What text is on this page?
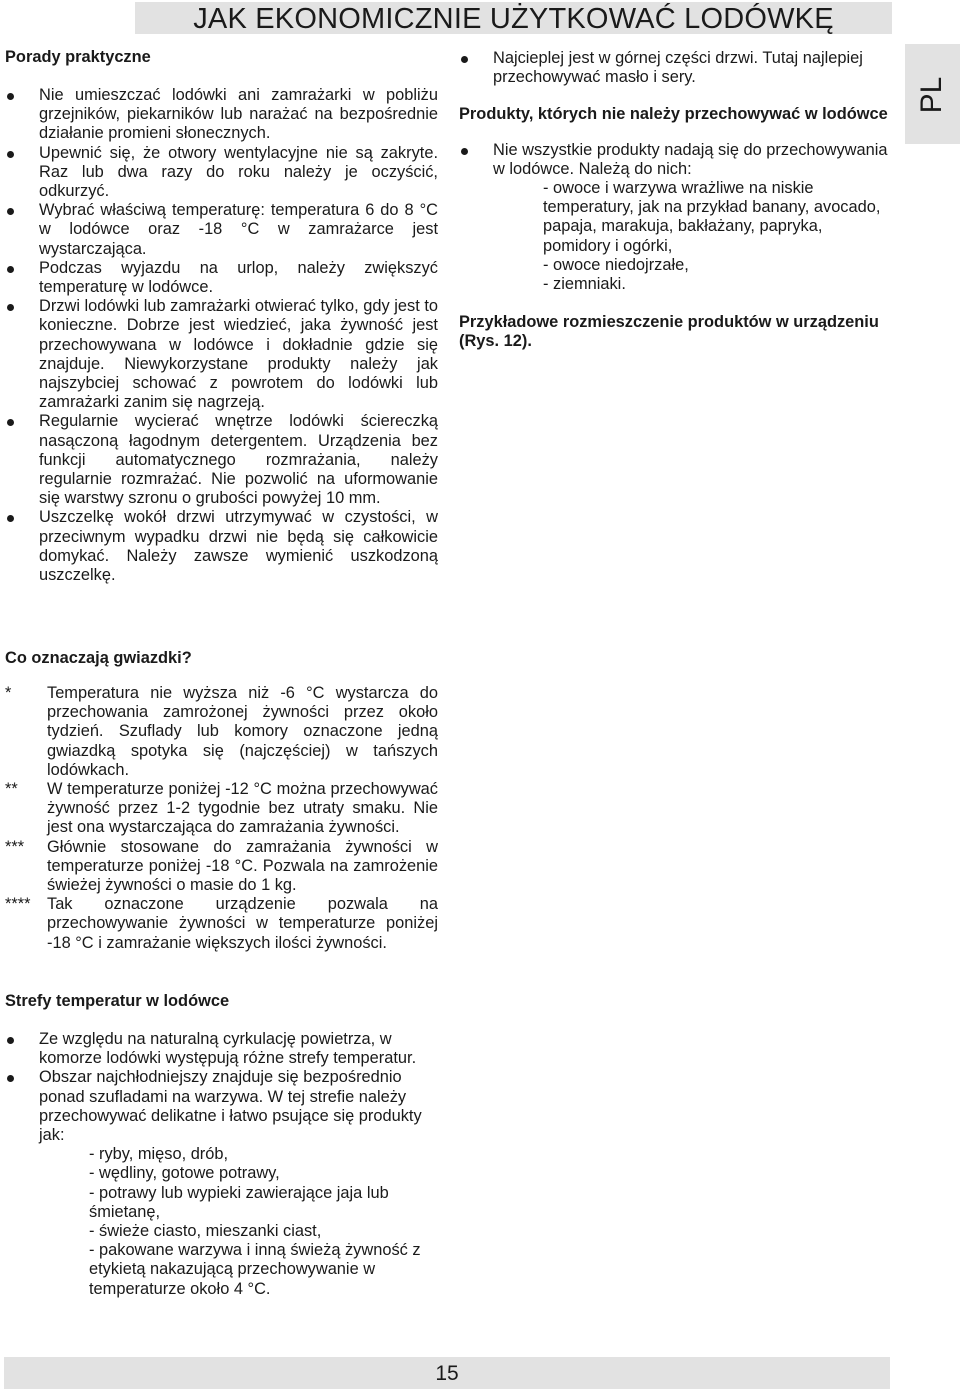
JAK EKONOMICZNIE UŻYTKOWAĆ LODÓWKĘ
PL
Porady praktyczne
Nie umieszczać lodówki ani zamrażarki w pobliżu grzejników, piekarników lub narażać na bezpośrednie działanie promieni słonecznych.
Upewnić się, że otwory wentylacyjne nie są zakryte. Raz lub dwa razy do roku należy je oczyścić, odkurzyć.
Wybrać właściwą temperaturę: temperatura 6 do 8 °C w lodówce oraz -18 °C w zamrażarce jest wystarczająca.
Podczas wyjazdu na urlop, należy zwiększyć temperaturę w lodówce.
Drzwi lodówki lub zamrażarki otwierać tylko, gdy jest to konieczne. Dobrze jest wiedzieć, jaka żywność jest przechowywana w lodówce i dokładnie gdzie się znajduje. Niewykorzystane produkty należy jak najszybciej schować z powrotem do lodówki lub zamrażarki zanim się nagrzeją.
Regularnie wycierać wnętrze lodówki ściereczką nasączoną łagodnym detergentem. Urządzenia bez funkcji automatycznego rozmrażania, należy regularnie rozmrażać. Nie pozwolić na uformowanie się warstwy szronu o grubości powyżej 10 mm.
Uszczelkę wokół drzwi utrzymywać w czystości, w przeciwnym wypadku drzwi nie będą się całkowicie domykać. Należy zawsze wymienić uszkodzoną uszczelkę.
Co oznaczają gwiazdki?
* Temperatura nie wyższa niż -6 °C wystarcza do przechowania zamrożonej żywności przez około tydzień. Szuflady lub komory oznaczone jedną gwiazdką spotyka się (najczęściej) w tańszych lodówkach.
** W temperaturze poniżej -12 °C można przechowywać żywność przez 1-2 tygodnie bez utraty smaku. Nie jest ona wystarczająca do zamrażania żywności.
*** Głównie stosowane do zamrażania żywności w temperaturze poniżej -18 °C. Pozwala na zamrożenie świeżej żywności o masie do 1 kg.
**** Tak oznaczone urządzenie pozwala na przechowywanie żywności w temperaturze poniżej -18 °C i zamrażanie większych ilości żywności.
Strefy temperatur w lodówce
Ze względu na naturalną cyrkulację powietrza, w komorze lodówki występują różne strefy temperatur.
Obszar najchłodniejszy znajduje się bezpośrednio ponad szufladami na warzywa. W tej strefie należy przechowywać delikatne i łatwo psujące się produkty jak:
- ryby, mięso, drób,
- wędliny, gotowe potrawy,
- potrawy lub wypieki zawierające jaja lub śmietanę,
- świeże ciasto, mieszanki ciast,
- pakowane warzywa i inną świeżą żywność z etykietą nakazującą przechowywanie w temperaturze około 4 °C.
Najcieplej jest w górnej części drzwi. Tutaj najlepiej przechowywać masło i sery.
Produkty, których nie należy przechowywać w lodówce
Nie wszystkie produkty nadają się do przechowywania w lodówce. Należą do nich:
- owoce i warzywa wrażliwe na niskie temperatury, jak na przykład banany, avocado, papaja, marakuja, bakłażany, papryka, pomidory i ogórki,
- owoce niedojrzałe,
- ziemniaki.
Przykładowe rozmieszczenie produktów w urządzeniu (Rys. 12).
15
